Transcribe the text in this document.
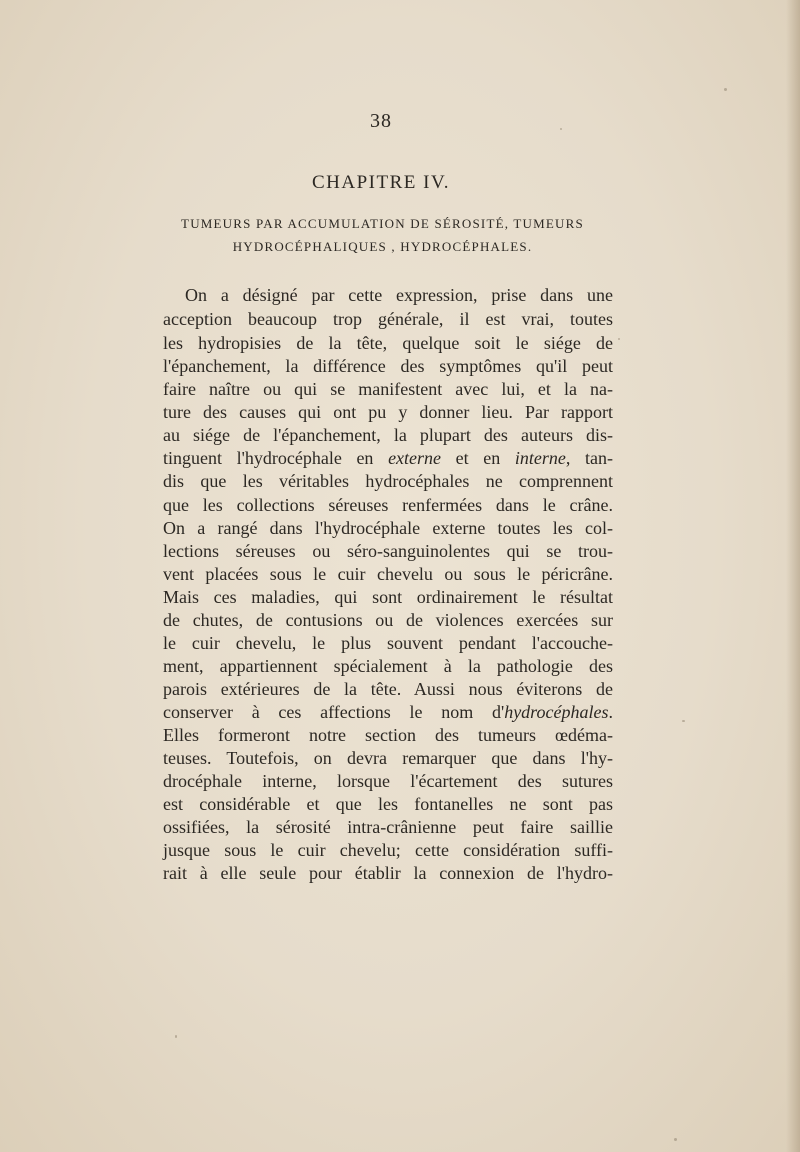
38
CHAPITRE IV.
TUMEURS PAR ACCUMULATION DE SÉROSITÉ, TUMEURS
HYDROCÉPHALIQUES , HYDROCÉPHALES.
On a désigné par cette expression, prise dans une
acception beaucoup trop générale, il est vrai, toutes
les hydropisies de la tête, quelque soit le siége de
l'épanchement, la différence des symptômes qu'il peut
faire naître ou qui se manifestent avec lui, et la na-
ture des causes qui ont pu y donner lieu. Par rapport
au siége de l'épanchement, la plupart des auteurs dis-
tinguent l'hydrocéphale en externe et en interne, tan-
dis que les véritables hydrocéphales ne comprennent
que les collections séreuses renfermées dans le crâne.
On a rangé dans l'hydrocéphale externe toutes les col-
lections séreuses ou séro-sanguinolentes qui se trou-
vent placées sous le cuir chevelu ou sous le péricrâne.
Mais ces maladies, qui sont ordinairement le résultat
de chutes, de contusions ou de violences exercées sur
le cuir chevelu, le plus souvent pendant l'accouche-
ment, appartiennent spécialement à la pathologie des
parois extérieures de la tête. Aussi nous éviterons de
conserver à ces affections le nom d'hydrocéphales.
Elles formeront notre section des tumeurs œdéma-
teuses. Toutefois, on devra remarquer que dans l'hy-
drocéphale interne, lorsque l'écartement des sutures
est considérable et que les fontanelles ne sont pas
ossifiées, la sérosité intra-crânienne peut faire saillie
jusque sous le cuir chevelu; cette considération suffi-
rait à elle seule pour établir la connexion de l'hydro-
